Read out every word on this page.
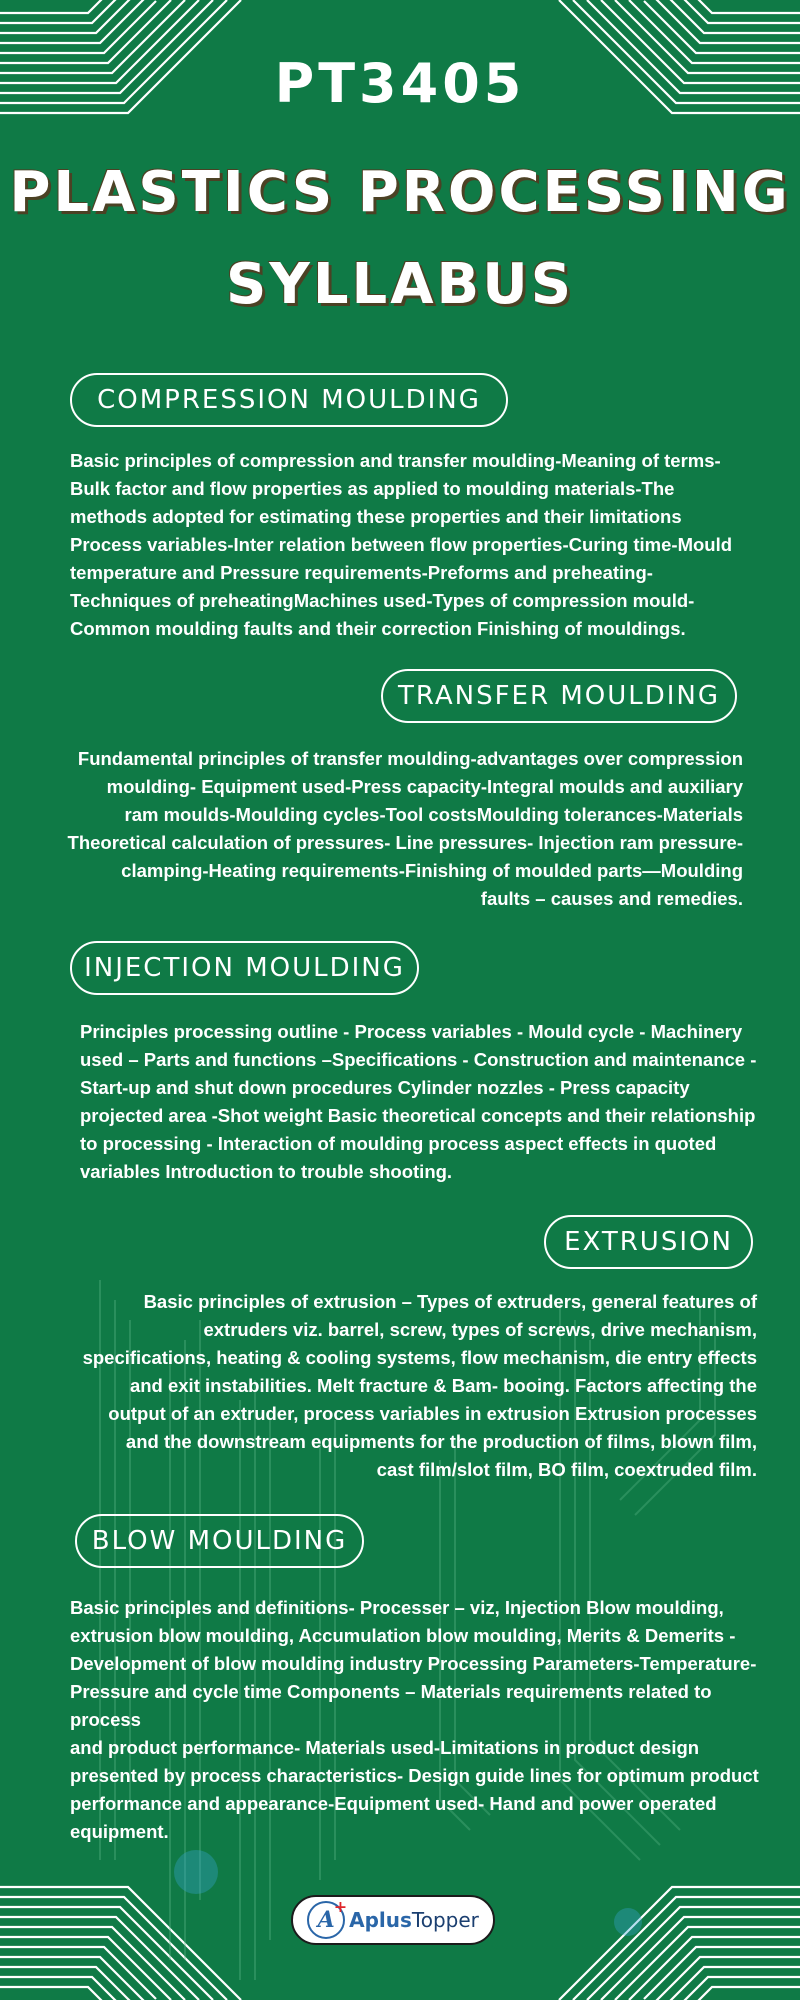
PT3405
PLASTICS PROCESSING
SYLLABUS
COMPRESSION MOULDING
Basic principles of compression and transfer moulding-Meaning of terms-
Bulk factor and flow properties as applied to moulding materials-The
methods adopted for estimating these properties and their limitations
Process variables-Inter relation between flow properties-Curing time-Mould
temperature and Pressure requirements-Preforms and preheating-
Techniques of preheatingMachines used-Types of compression mould-
Common moulding faults and their correction Finishing of mouldings.
TRANSFER MOULDING
Fundamental principles of transfer moulding-advantages over compression
moulding- Equipment used-Press capacity-Integral moulds and auxiliary
ram moulds-Moulding cycles-Tool costsMoulding tolerances-Materials
Theoretical calculation of pressures- Line pressures- Injection ram pressure-
clamping-Heating requirements-Finishing of moulded parts—Moulding
faults – causes and remedies.
INJECTION MOULDING
Principles processing outline - Process variables - Mould cycle - Machinery
used – Parts and functions –Specifications - Construction and maintenance -
Start-up and shut down procedures Cylinder nozzles - Press capacity
projected area -Shot weight Basic theoretical concepts and their relationship
to processing - Interaction of moulding process aspect effects in quoted
variables Introduction to trouble shooting.
EXTRUSION
Basic principles of extrusion – Types of extruders, general features of
extruders viz. barrel, screw, types of screws, drive mechanism,
specifications, heating & cooling systems, flow mechanism, die entry effects
and exit instabilities. Melt fracture & Bam- booing. Factors affecting the
output of an extruder, process variables in extrusion Extrusion processes
and the downstream equipments for the production of films, blown film,
cast film/slot film, BO film, coextruded film.
BLOW MOULDING
Basic principles and definitions- Processer – viz, Injection Blow moulding,
extrusion blow moulding, Accumulation blow moulding, Merits & Demerits -
Development of blow moulding industry Processing Parameters-Temperature-
Pressure and cycle time Components – Materials requirements related to process
and product performance- Materials used-Limitations in product design
presented by process characteristics- Design guide lines for optimum product
performance and appearance-Equipment used- Hand and power operated
equipment.
A
+
AplusTopper
